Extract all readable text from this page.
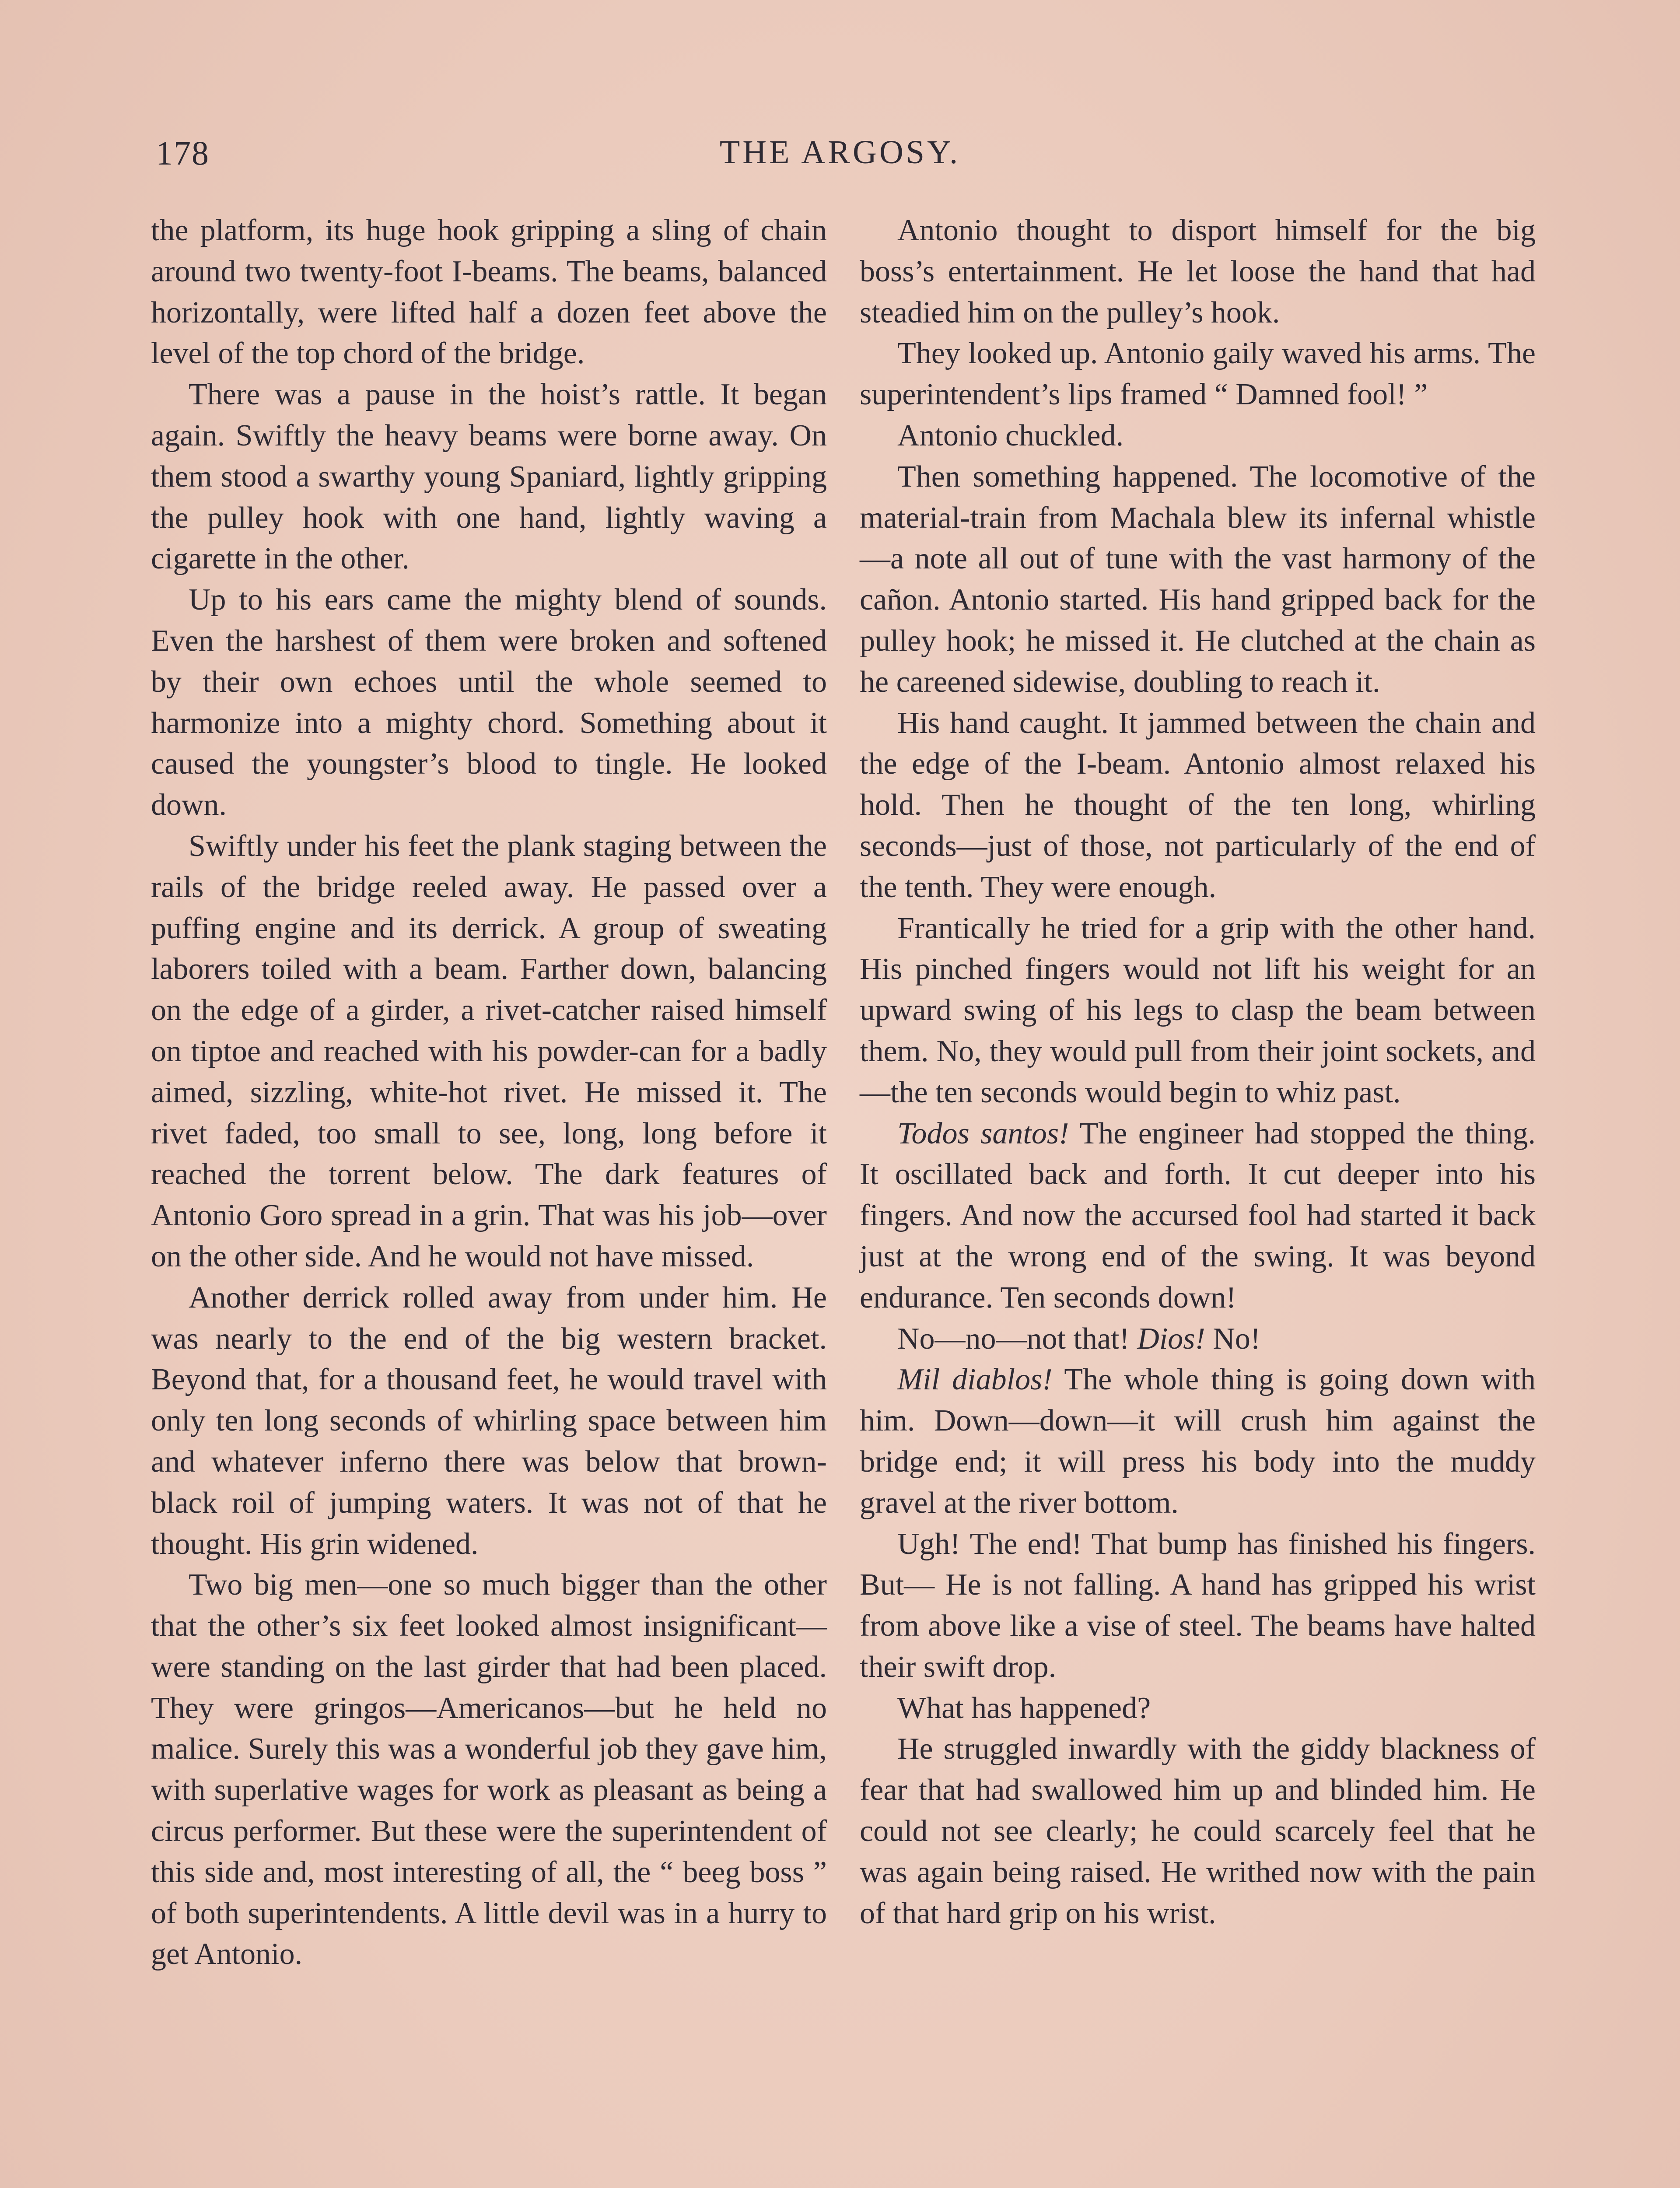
178	THE ARGOSY.

the platform, its huge hook gripping a sling of chain around two twenty-foot I-beams. The beams, balanced horizontally, were lifted half a dozen feet above the level of the top chord of the bridge.

There was a pause in the hoist’s rattle. It began again. Swiftly the heavy beams were borne away. On them stood a swarthy young Spaniard, lightly gripping the pulley hook with one hand, lightly waving a cigarette in the other.

Up to his ears came the mighty blend of sounds. Even the harshest of them were broken and softened by their own echoes until the whole seemed to harmonize into a mighty chord. Something about it caused the youngster’s blood to tingle. He looked down.

Swiftly under his feet the plank staging between the rails of the bridge reeled away. He passed over a puffing engine and its derrick. A group of sweating laborers toiled with a beam. Farther down, balancing on the edge of a girder, a rivet-catcher raised himself on tiptoe and reached with his powder-can for a badly aimed, sizzling, white-hot rivet. He missed it. The rivet faded, too small to see, long, long before it reached the torrent below. The dark features of Antonio Goro spread in a grin. That was his job—over on the other side. And he would not have missed.

Another derrick rolled away from under him. He was nearly to the end of the big western bracket. Beyond that, for a thousand feet, he would travel with only ten long seconds of whirling space between him and whatever inferno there was below that brown-black roil of jumping waters. It was not of that he thought. His grin widened.

Two big men—one so much bigger than the other that the other’s six feet looked almost insignificant—were standing on the last girder that had been placed. They were gringos—Americanos—but he held no malice. Surely this was a wonderful job they gave him, with superlative wages for work as pleasant as being a circus performer. But these were the superintendent of this side and, most interesting of all, the “ beeg boss ” of both superintendents. A little devil was in a hurry to get Antonio.

Antonio thought to disport himself for the big boss’s entertainment. He let loose the hand that had steadied him on the pulley’s hook.

They looked up. Antonio gaily waved his arms. The superintendent’s lips framed “ Damned fool! ”

Antonio chuckled.

Then something happened. The locomotive of the material-train from Machala blew its infernal whistle—a note all out of tune with the vast harmony of the cañon. Antonio started. His hand gripped back for the pulley hook; he missed it. He clutched at the chain as he careened sidewise, doubling to reach it.

His hand caught. It jammed between the chain and the edge of the I-beam. Antonio almost relaxed his hold. Then he thought of the ten long, whirling seconds—just of those, not particularly of the end of the tenth. They were enough.

Frantically he tried for a grip with the other hand. His pinched fingers would not lift his weight for an upward swing of his legs to clasp the beam between them. No, they would pull from their joint sockets, and—the ten seconds would begin to whiz past.

Todos santos! The engineer had stopped the thing. It oscillated back and forth. It cut deeper into his fingers. And now the accursed fool had started it back just at the wrong end of the swing. It was beyond endurance. Ten seconds down!

No—no—not that! Dios! No!

Mil diablos! The whole thing is going down with him. Down—down—it will crush him against the bridge end; it will press his body into the muddy gravel at the river bottom.

Ugh! The end! That bump has finished his fingers. But— He is not falling. A hand has gripped his wrist from above like a vise of steel. The beams have halted their swift drop.

What has happened?

He struggled inwardly with the giddy blackness of fear that had swallowed him up and blinded him. He could not see clearly; he could scarcely feel that he was again being raised. He writhed now with the pain of that hard grip on his wrist.
